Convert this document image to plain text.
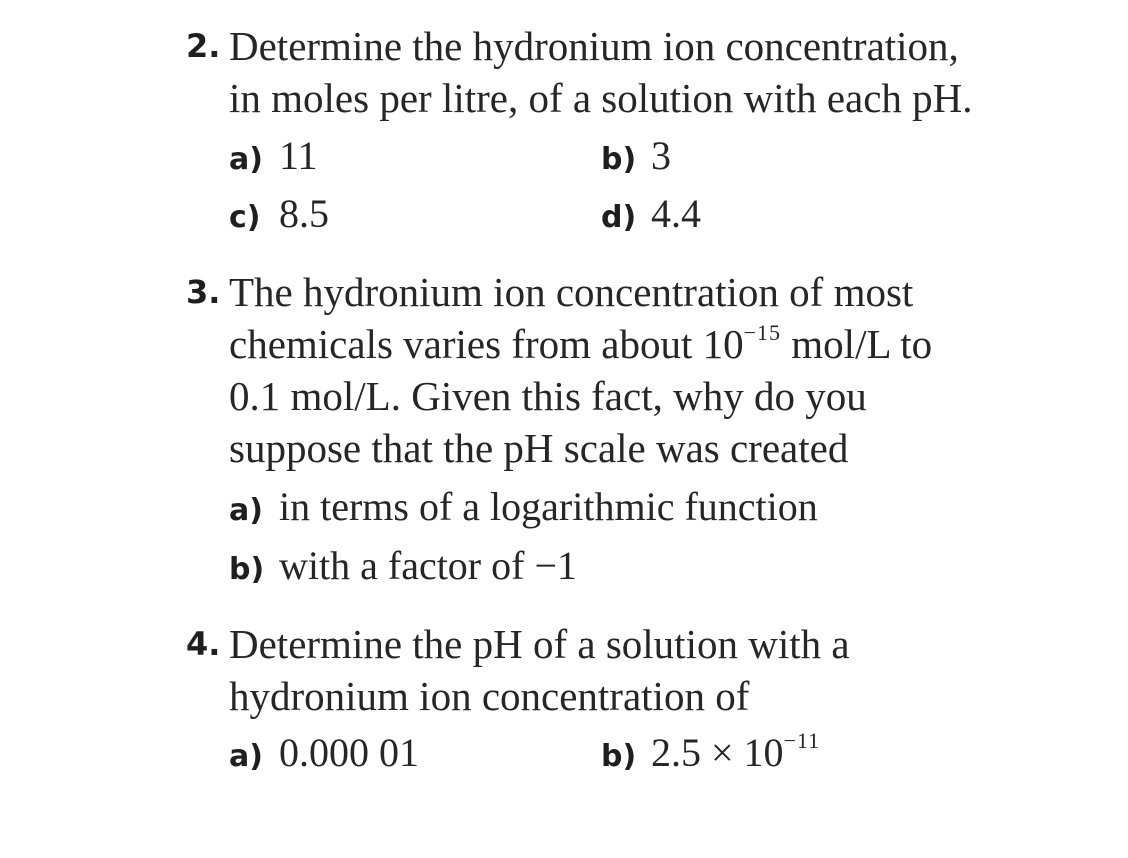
2. Determine the hydronium ion concentration,
in moles per litre, of a solution with each pH.
a) 11	b) 3
c) 8.5	d) 4.4
3. The hydronium ion concentration of most
chemicals varies from about $10^{-15}$ mol/L to
0.1 mol/L. Given this fact, why do you
suppose that the pH scale was created
a) in terms of a logarithmic function
b) with a factor of −1
4. Determine the pH of a solution with a
hydronium ion concentration of
a) 0.000 01	b) $2.5 \times 10^{-11}$
